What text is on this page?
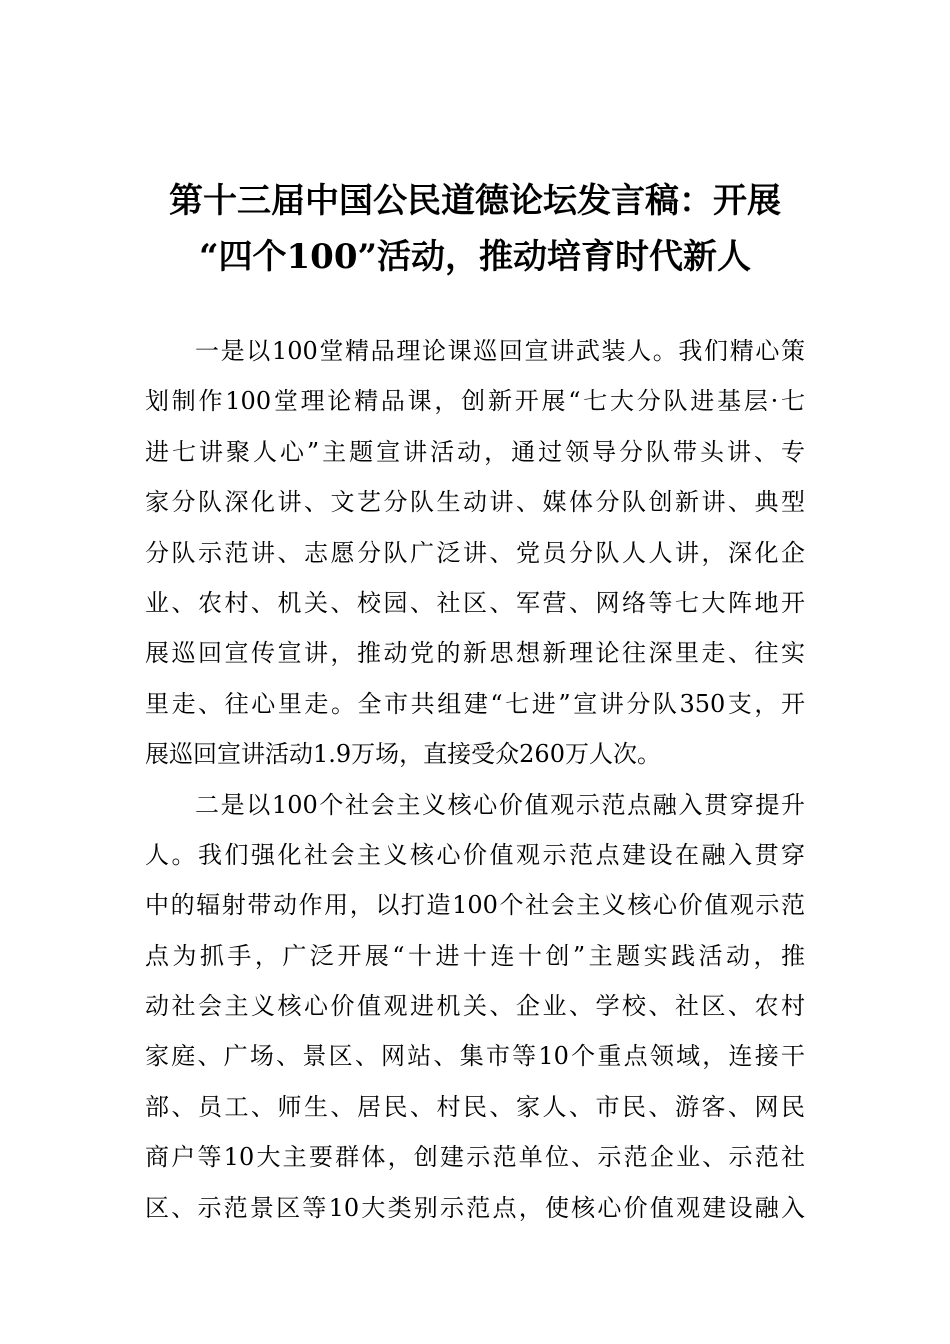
第十三届中国公民道德论坛发言稿：开展
“四个100”活动，推动培育时代新人
一是以100堂精品理论课巡回宣讲武装人。我们精心策
划制作100堂理论精品课，创新开展“七大分队进基层·七
进七讲聚人心”主题宣讲活动，通过领导分队带头讲、专
家分队深化讲、文艺分队生动讲、媒体分队创新讲、典型
分队示范讲、志愿分队广泛讲、党员分队人人讲，深化企
业、农村、机关、校园、社区、军营、网络等七大阵地开
展巡回宣传宣讲，推动党的新思想新理论往深里走、往实
里走、往心里走。全市共组建“七进”宣讲分队350支，开
展巡回宣讲活动1.9万场，直接受众260万人次。
二是以100个社会主义核心价值观示范点融入贯穿提升
人。我们强化社会主义核心价值观示范点建设在融入贯穿
中的辐射带动作用，以打造100个社会主义核心价值观示范
点为抓手，广泛开展“十进十连十创”主题实践活动，推
动社会主义核心价值观进机关、企业、学校、社区、农村
家庭、广场、景区、网站、集市等10个重点领域，连接干
部、员工、师生、居民、村民、家人、市民、游客、网民
商户等10大主要群体，创建示范单位、示范企业、示范社
区、示范景区等10大类别示范点，使核心价值观建设融入
